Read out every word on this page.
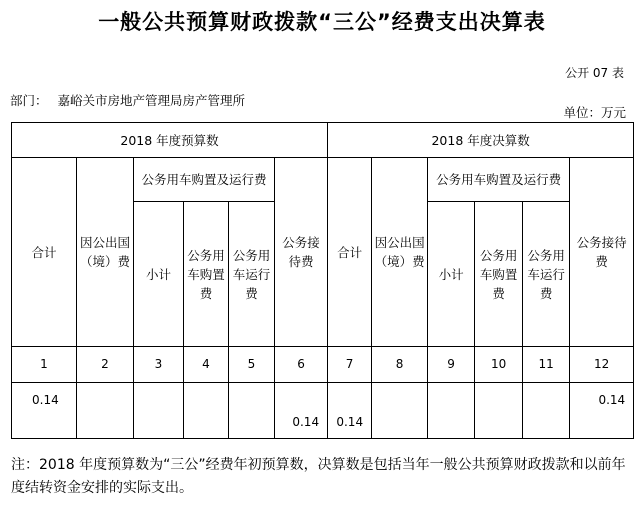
一般公共预算财政拨款“三公”经费支出决算表
公开 07 表
部门： 嘉峪关市房地产管理局房产管理所
单位：万元
2018 年度预算数						2018 年度决算数					
合计	因公出国（境）费	公务用车购置及运行费			公务接待费	合计	因公出国（境）费	公务用车购置及运行费			公务接待费
		小计	公务用车购置费	公务用车运行费				小计	公务用车购置费	公务用车运行费	
1	2	3	4	5	6	7	8	9	10	11	12
0.14					0.14	0.14					0.14
注：2018 年度预算数为“三公”经费年初预算数，决算数是包括当年一般公共预算财政拨款和以前年度结转资金安排的实际支出。
